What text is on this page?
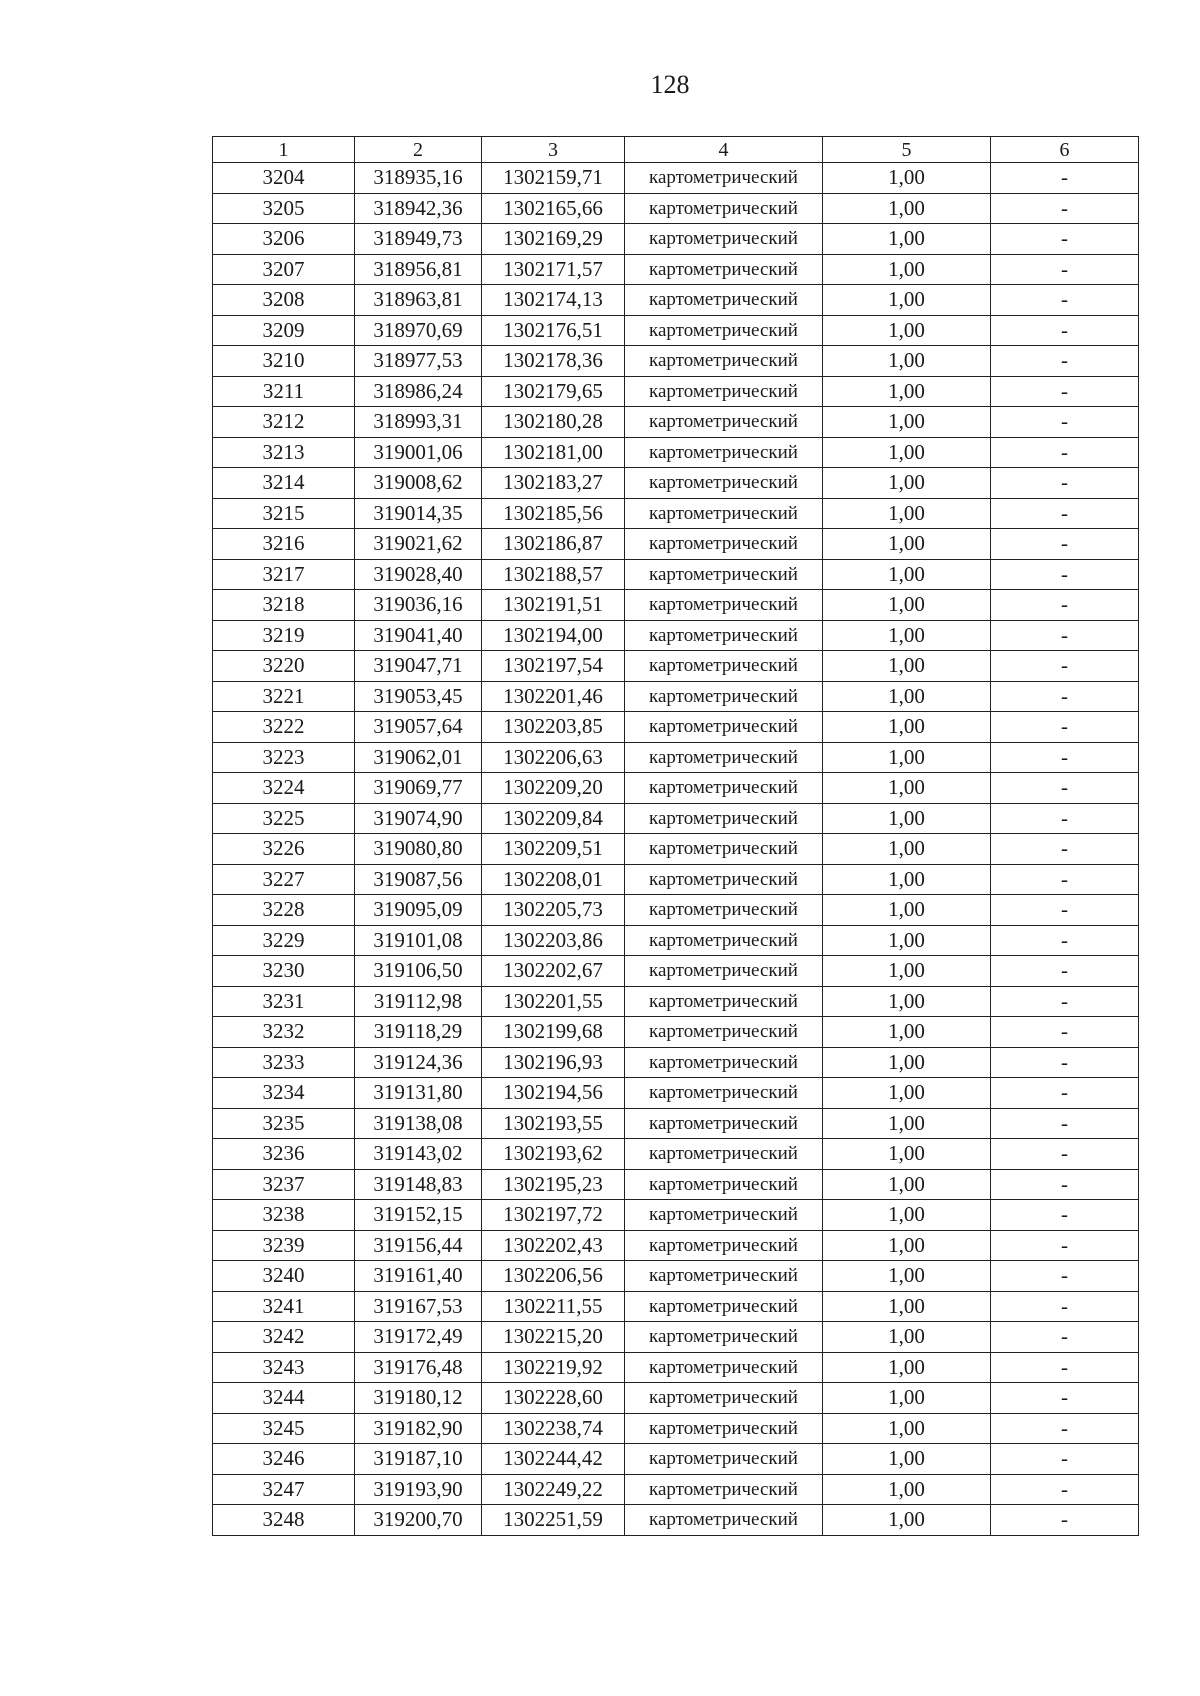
128
1	2	3	4	5	6
3204	318935,16	1302159,71	картометрический	1,00	-
3205	318942,36	1302165,66	картометрический	1,00	-
3206	318949,73	1302169,29	картометрический	1,00	-
3207	318956,81	1302171,57	картометрический	1,00	-
3208	318963,81	1302174,13	картометрический	1,00	-
3209	318970,69	1302176,51	картометрический	1,00	-
3210	318977,53	1302178,36	картометрический	1,00	-
3211	318986,24	1302179,65	картометрический	1,00	-
3212	318993,31	1302180,28	картометрический	1,00	-
3213	319001,06	1302181,00	картометрический	1,00	-
3214	319008,62	1302183,27	картометрический	1,00	-
3215	319014,35	1302185,56	картометрический	1,00	-
3216	319021,62	1302186,87	картометрический	1,00	-
3217	319028,40	1302188,57	картометрический	1,00	-
3218	319036,16	1302191,51	картометрический	1,00	-
3219	319041,40	1302194,00	картометрический	1,00	-
3220	319047,71	1302197,54	картометрический	1,00	-
3221	319053,45	1302201,46	картометрический	1,00	-
3222	319057,64	1302203,85	картометрический	1,00	-
3223	319062,01	1302206,63	картометрический	1,00	-
3224	319069,77	1302209,20	картометрический	1,00	-
3225	319074,90	1302209,84	картометрический	1,00	-
3226	319080,80	1302209,51	картометрический	1,00	-
3227	319087,56	1302208,01	картометрический	1,00	-
3228	319095,09	1302205,73	картометрический	1,00	-
3229	319101,08	1302203,86	картометрический	1,00	-
3230	319106,50	1302202,67	картометрический	1,00	-
3231	319112,98	1302201,55	картометрический	1,00	-
3232	319118,29	1302199,68	картометрический	1,00	-
3233	319124,36	1302196,93	картометрический	1,00	-
3234	319131,80	1302194,56	картометрический	1,00	-
3235	319138,08	1302193,55	картометрический	1,00	-
3236	319143,02	1302193,62	картометрический	1,00	-
3237	319148,83	1302195,23	картометрический	1,00	-
3238	319152,15	1302197,72	картометрический	1,00	-
3239	319156,44	1302202,43	картометрический	1,00	-
3240	319161,40	1302206,56	картометрический	1,00	-
3241	319167,53	1302211,55	картометрический	1,00	-
3242	319172,49	1302215,20	картометрический	1,00	-
3243	319176,48	1302219,92	картометрический	1,00	-
3244	319180,12	1302228,60	картометрический	1,00	-
3245	319182,90	1302238,74	картометрический	1,00	-
3246	319187,10	1302244,42	картометрический	1,00	-
3247	319193,90	1302249,22	картометрический	1,00	-
3248	319200,70	1302251,59	картометрический	1,00	-
